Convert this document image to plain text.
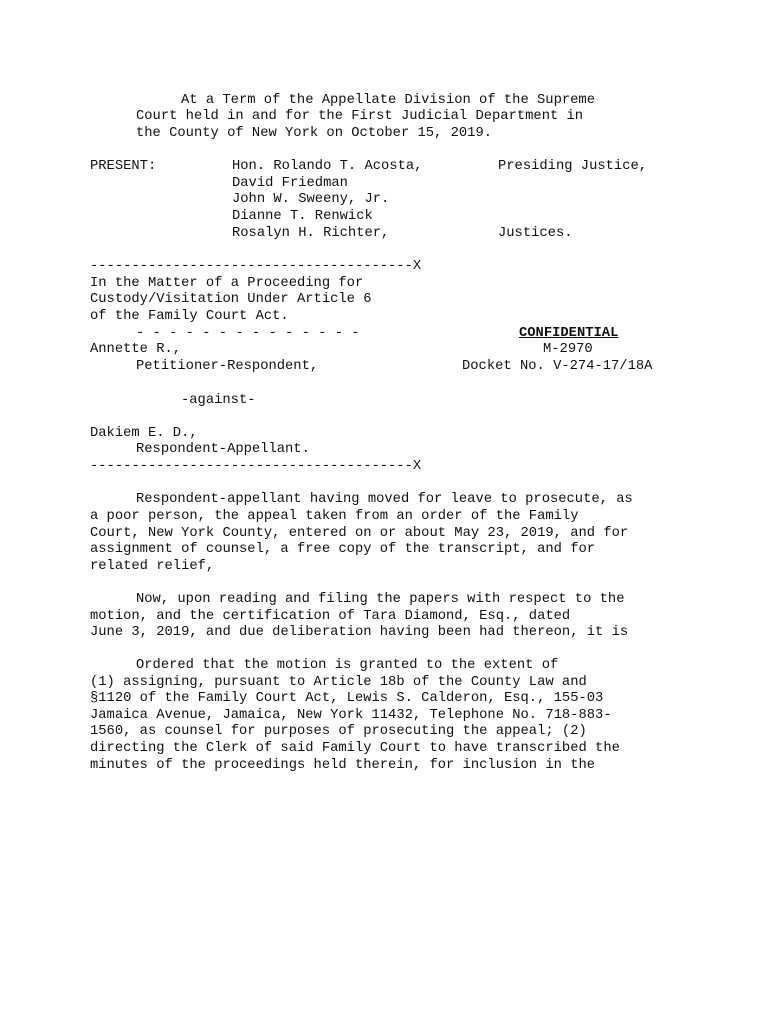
At a Term of the Appellate Division of the Supreme
Court held in and for the First Judicial Department in
the County of New York on October 15, 2019.
PRESENT:	Hon. Rolando T. Acosta,	Presiding Justice,
David Friedman
John W. Sweeny, Jr.
Dianne T. Renwick
Rosalyn H. Richter,	Justices.
---------------------------------------X
In the Matter of a Proceeding for
Custody/Visitation Under Article 6
of the Family Court Act.
- - - - - - - - - - - - - -	CONFIDENTIAL
Annette R.,	M-2970
Petitioner-Respondent,	Docket No. V-274-17/18A
-against-
Dakiem E. D.,
Respondent-Appellant.
---------------------------------------X
Respondent-appellant having moved for leave to prosecute, as
a poor person, the appeal taken from an order of the Family
Court, New York County, entered on or about May 23, 2019, and for
assignment of counsel, a free copy of the transcript, and for
related relief,
Now, upon reading and filing the papers with respect to the
motion, and the certification of Tara Diamond, Esq., dated
June 3, 2019, and due deliberation having been had thereon, it is
Ordered that the motion is granted to the extent of
(1) assigning, pursuant to Article 18b of the County Law and
§1120 of the Family Court Act, Lewis S. Calderon, Esq., 155-03
Jamaica Avenue, Jamaica, New York 11432, Telephone No. 718-883-
1560, as counsel for purposes of prosecuting the appeal; (2)
directing the Clerk of said Family Court to have transcribed the
minutes of the proceedings held therein, for inclusion in the
